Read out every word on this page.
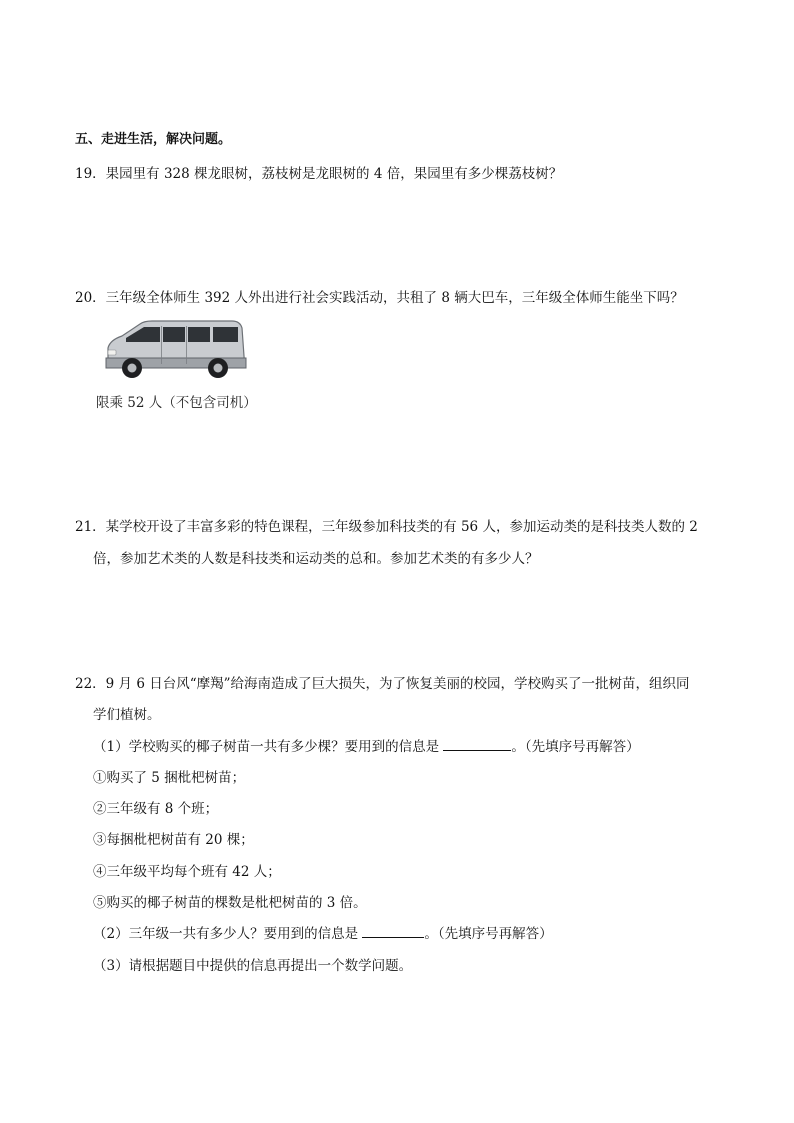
五、走进生活，解决问题。
19．果园里有 328 棵龙眼树，荔枝树是龙眼树的 4 倍，果园里有多少棵荔枝树？
20．三年级全体师生 392 人外出进行社会实践活动，共租了 8 辆大巴车，三年级全体师生能坐下吗？
限乘 52 人（不包含司机）
21．某学校开设了丰富多彩的特色课程，三年级参加科技类的有 56 人，参加运动类的是科技类人数的 2
倍，参加艺术类的人数是科技类和运动类的总和。参加艺术类的有多少人？
22．9 月 6 日台风“摩羯”给海南造成了巨大损失，为了恢复美丽的校园，学校购买了一批树苗，组织同
学们植树。
（1）学校购买的椰子树苗一共有多少棵？要用到的信息是	。（先填序号再解答）
①购买了 5 捆枇杷树苗；
②三年级有 8 个班；
③每捆枇杷树苗有 20 棵；
④三年级平均每个班有 42 人；
⑤购买的椰子树苗的棵数是枇杷树苗的 3 倍。
（2）三年级一共有多少人？要用到的信息是	。（先填序号再解答）
（3）请根据题目中提供的信息再提出一个数学问题。
